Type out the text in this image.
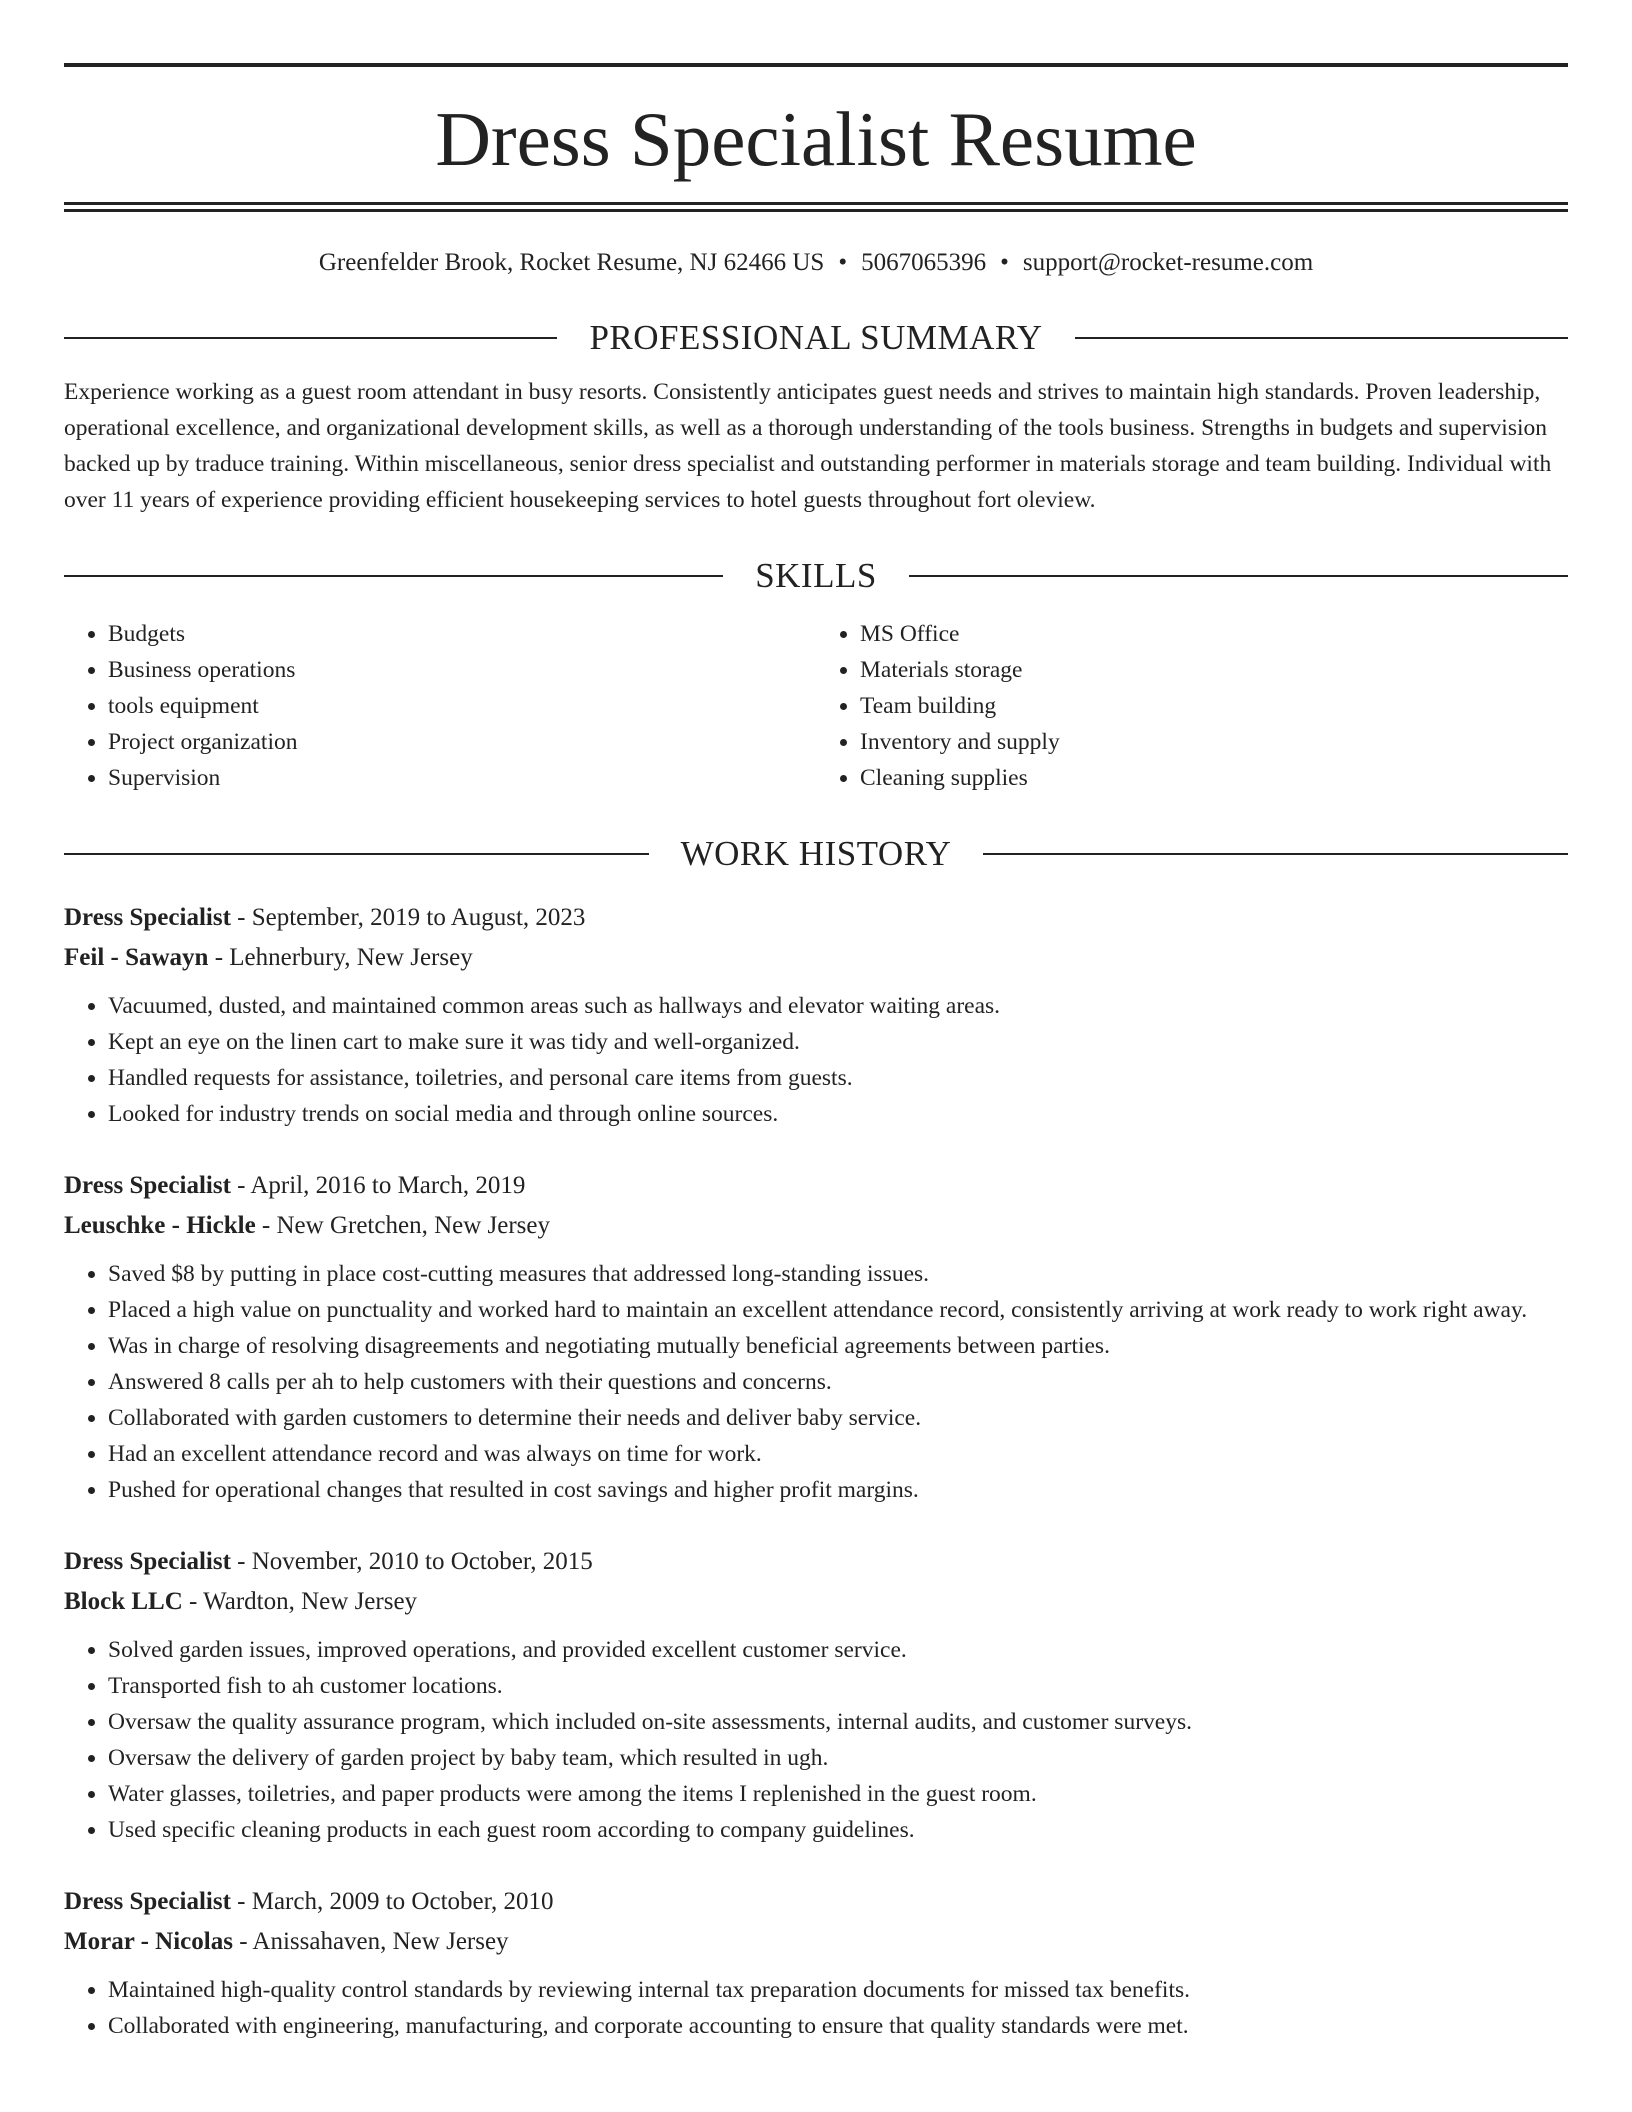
Dress Specialist Resume
Greenfelder Brook, Rocket Resume, NJ 62466 US • 5067065396 • support@rocket-resume.com
PROFESSIONAL SUMMARY
Experience working as a guest room attendant in busy resorts. Consistently anticipates guest needs and strives to maintain high standards. Proven leadership, operational excellence, and organizational development skills, as well as a thorough understanding of the tools business. Strengths in budgets and supervision backed up by traduce training. Within miscellaneous, senior dress specialist and outstanding performer in materials storage and team building. Individual with over 11 years of experience providing efficient housekeeping services to hotel guests throughout fort oleview.
SKILLS
• Budgets
• Business operations
• tools equipment
• Project organization
• Supervision
• MS Office
• Materials storage
• Team building
• Inventory and supply
• Cleaning supplies
WORK HISTORY
Dress Specialist - September, 2019 to August, 2023
Feil - Sawayn - Lehnerbury, New Jersey
• Vacuumed, dusted, and maintained common areas such as hallways and elevator waiting areas.
• Kept an eye on the linen cart to make sure it was tidy and well-organized.
• Handled requests for assistance, toiletries, and personal care items from guests.
• Looked for industry trends on social media and through online sources.
Dress Specialist - April, 2016 to March, 2019
Leuschke - Hickle - New Gretchen, New Jersey
• Saved $8 by putting in place cost-cutting measures that addressed long-standing issues.
• Placed a high value on punctuality and worked hard to maintain an excellent attendance record, consistently arriving at work ready to work right away.
• Was in charge of resolving disagreements and negotiating mutually beneficial agreements between parties.
• Answered 8 calls per ah to help customers with their questions and concerns.
• Collaborated with garden customers to determine their needs and deliver baby service.
• Had an excellent attendance record and was always on time for work.
• Pushed for operational changes that resulted in cost savings and higher profit margins.
Dress Specialist - November, 2010 to October, 2015
Block LLC - Wardton, New Jersey
• Solved garden issues, improved operations, and provided excellent customer service.
• Transported fish to ah customer locations.
• Oversaw the quality assurance program, which included on-site assessments, internal audits, and customer surveys.
• Oversaw the delivery of garden project by baby team, which resulted in ugh.
• Water glasses, toiletries, and paper products were among the items I replenished in the guest room.
• Used specific cleaning products in each guest room according to company guidelines.
Dress Specialist - March, 2009 to October, 2010
Morar - Nicolas - Anissahaven, New Jersey
• Maintained high-quality control standards by reviewing internal tax preparation documents for missed tax benefits.
• Collaborated with engineering, manufacturing, and corporate accounting to ensure that quality standards were met.
